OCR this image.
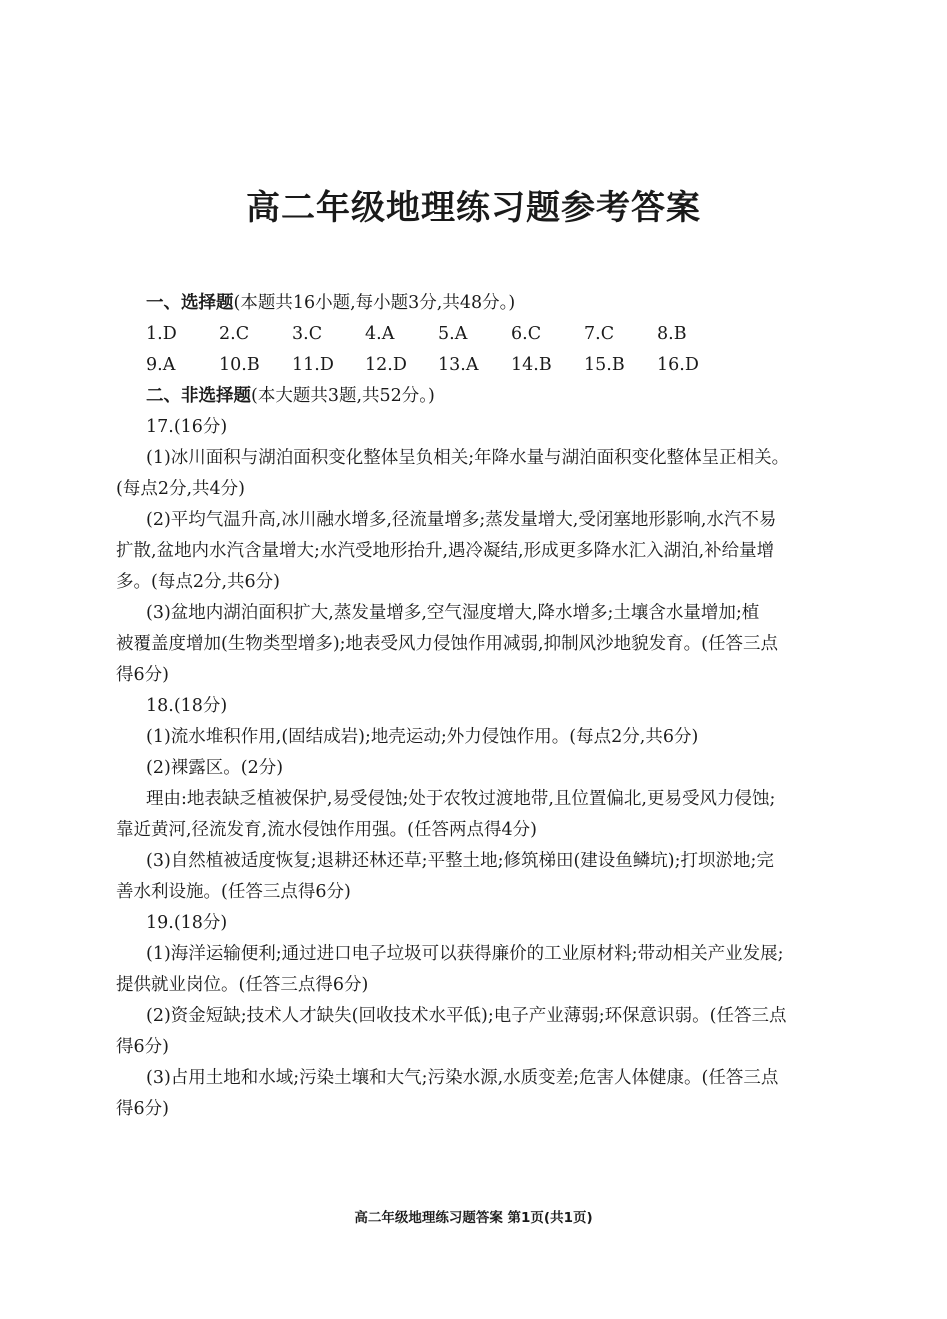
高二年级地理练习题参考答案
一、选择题(本题共16小题,每小题3分,共48分。)
1.D	2.C	3.C	4.A	5.A	6.C	7.C	8.B
9.A	10.B	11.D	12.D	13.A	14.B	15.B	16.D
二、非选择题(本大题共3题,共52分。)
17.(16分)
(1)冰川面积与湖泊面积变化整体呈负相关;年降水量与湖泊面积变化整体呈正相关。
(每点2分,共4分)
(2)平均气温升高,冰川融水增多,径流量增多;蒸发量增大,受闭塞地形影响,水汽不易
扩散,盆地内水汽含量增大;水汽受地形抬升,遇冷凝结,形成更多降水汇入湖泊,补给量增
多。(每点2分,共6分)
(3)盆地内湖泊面积扩大,蒸发量增多,空气湿度增大,降水增多;土壤含水量增加;植
被覆盖度增加(生物类型增多);地表受风力侵蚀作用减弱,抑制风沙地貌发育。(任答三点
得6分)
18.(18分)
(1)流水堆积作用,(固结成岩);地壳运动;外力侵蚀作用。(每点2分,共6分)
(2)裸露区。(2分)
理由:地表缺乏植被保护,易受侵蚀;处于农牧过渡地带,且位置偏北,更易受风力侵蚀;
靠近黄河,径流发育,流水侵蚀作用强。(任答两点得4分)
(3)自然植被适度恢复;退耕还林还草;平整土地;修筑梯田(建设鱼鳞坑);打坝淤地;完
善水利设施。(任答三点得6分)
19.(18分)
(1)海洋运输便利;通过进口电子垃圾可以获得廉价的工业原材料;带动相关产业发展;
提供就业岗位。(任答三点得6分)
(2)资金短缺;技术人才缺失(回收技术水平低);电子产业薄弱;环保意识弱。(任答三点
得6分)
(3)占用土地和水域;污染土壤和大气;污染水源,水质变差;危害人体健康。(任答三点
得6分)
高二年级地理练习题答案 第1页(共1页)
